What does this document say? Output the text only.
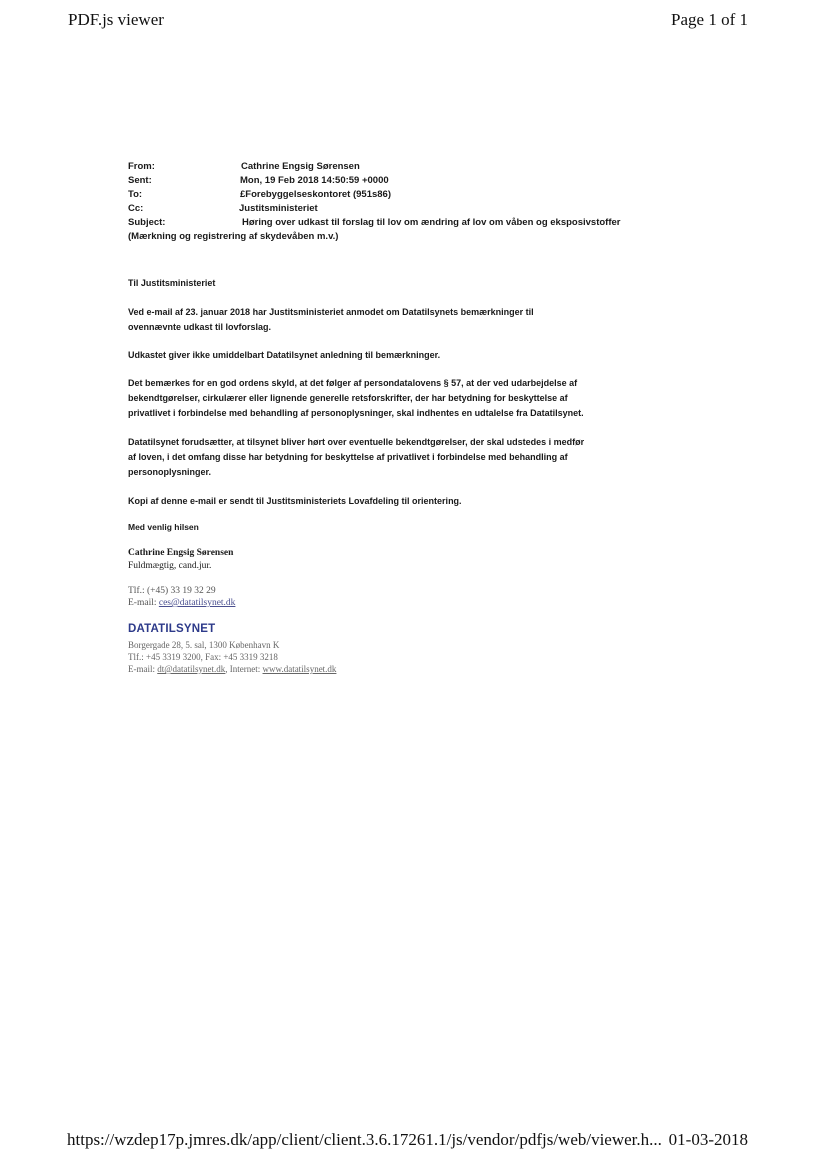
PDF.js viewer	Page 1 of 1
From:	Cathrine Engsig Sørensen
Sent:	Mon, 19 Feb 2018 14:50:59 +0000
To:	£Forebyggelseskontoret (951s86)
Cc:	Justitsministeriet
Subject:	Høring over udkast til forslag til lov om ændring af lov om våben og eksposivstoffer
(Mærkning og registrering af skydevåben m.v.)

Til Justitsministeriet

Ved e-mail af 23. januar 2018 har Justitsministeriet anmodet om Datatilsynets bemærkninger til

ovennævnte udkast til lovforslag.

Udkastet giver ikke umiddelbart Datatilsynet anledning til bemærkninger.

Det bemærkes for en god ordens skyld, at det følger af persondatalovens § 57, at der ved udarbejdelse af

bekendtgørelser, cirkulærer eller lignende generelle retsforskrifter, der har betydning for beskyttelse af

privatlivet i forbindelse med behandling af personoplysninger, skal indhentes en udtalelse fra Datatilsynet.

Datatilsynet forudsætter, at tilsynet bliver hørt over eventuelle bekendtgørelser, der skal udstedes i medfør

af loven, i det omfang disse har betydning for beskyttelse af privatlivet i forbindelse med behandling af

personoplysninger.

Kopi af denne e-mail er sendt til Justitsministeriets Lovafdeling til orientering.

Med venlig hilsen
Cathrine Engsig Sørensen
Fuldmægtig, cand.jur.
Tlf.: (+45) 33 19 32 29
E-mail: ces@datatilsynet.dk
DATATILSYNET
Borgergade 28, 5. sal, 1300 København K
Tlf.: +45 3319 3200, Fax: +45 3319 3218
E-mail: dt@datatilsynet.dk, Internet: www.datatilsynet.dk
https://wzdep17p.jmres.dk/app/client/client.3.6.17261.1/js/vendor/pdfjs/web/viewer.h... 01-03-2018
